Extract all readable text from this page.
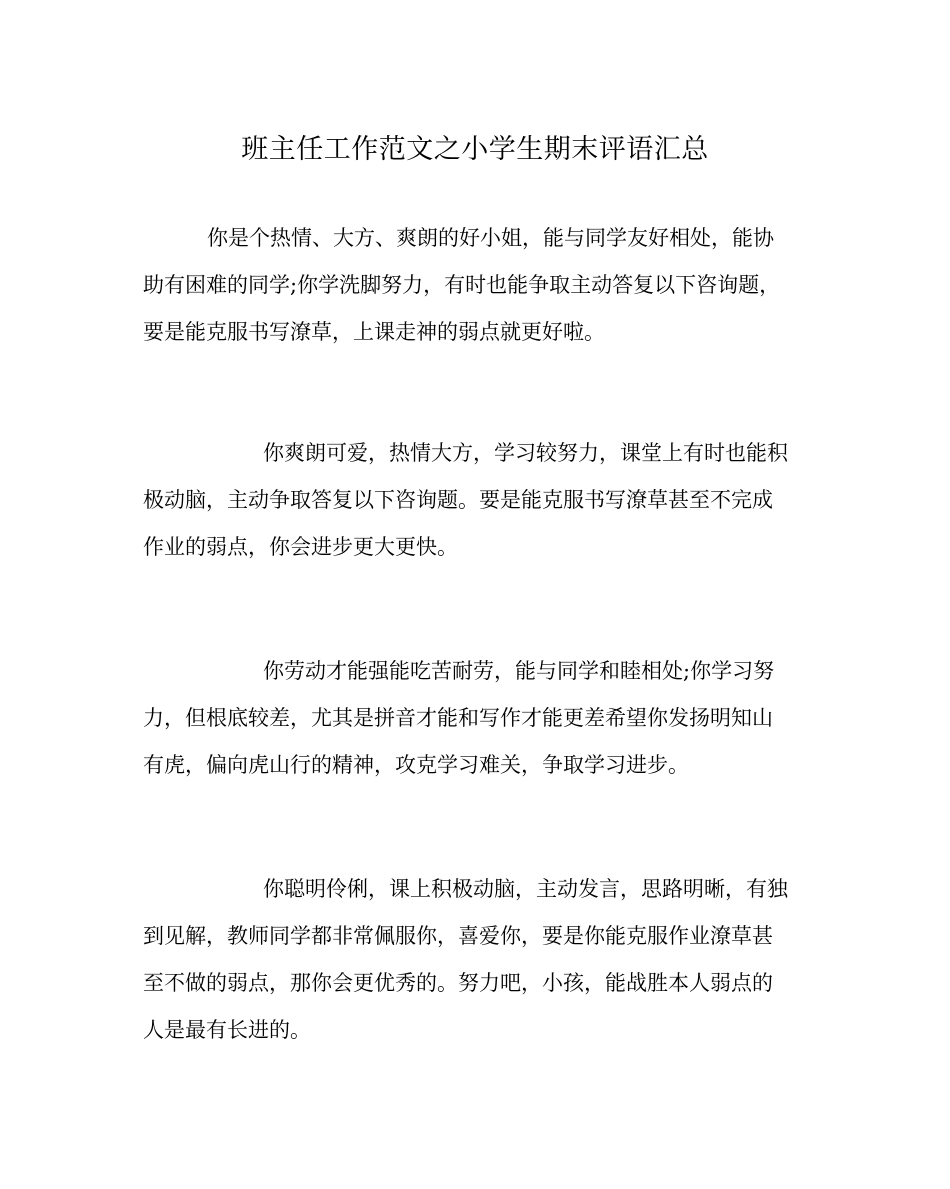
班主任工作范文之小学生期末评语汇总
你是个热情、大方、爽朗的好小姐，能与同学友好相处，能协
助有困难的同学;你学洗脚努力，有时也能争取主动答复以下咨询题，
要是能克服书写潦草，上课走神的弱点就更好啦。
你爽朗可爱，热情大方，学习较努力，课堂上有时也能积
极动脑，主动争取答复以下咨询题。要是能克服书写潦草甚至不完成
作业的弱点，你会进步更大更快。
你劳动才能强能吃苦耐劳，能与同学和睦相处;你学习努
力，但根底较差，尤其是拼音才能和写作才能更差希望你发扬明知山
有虎，偏向虎山行的精神，攻克学习难关，争取学习进步。
你聪明伶俐，课上积极动脑，主动发言，思路明晰，有独
到见解，教师同学都非常佩服你，喜爱你，要是你能克服作业潦草甚
至不做的弱点，那你会更优秀的。努力吧，小孩，能战胜本人弱点的
人是最有长进的。
